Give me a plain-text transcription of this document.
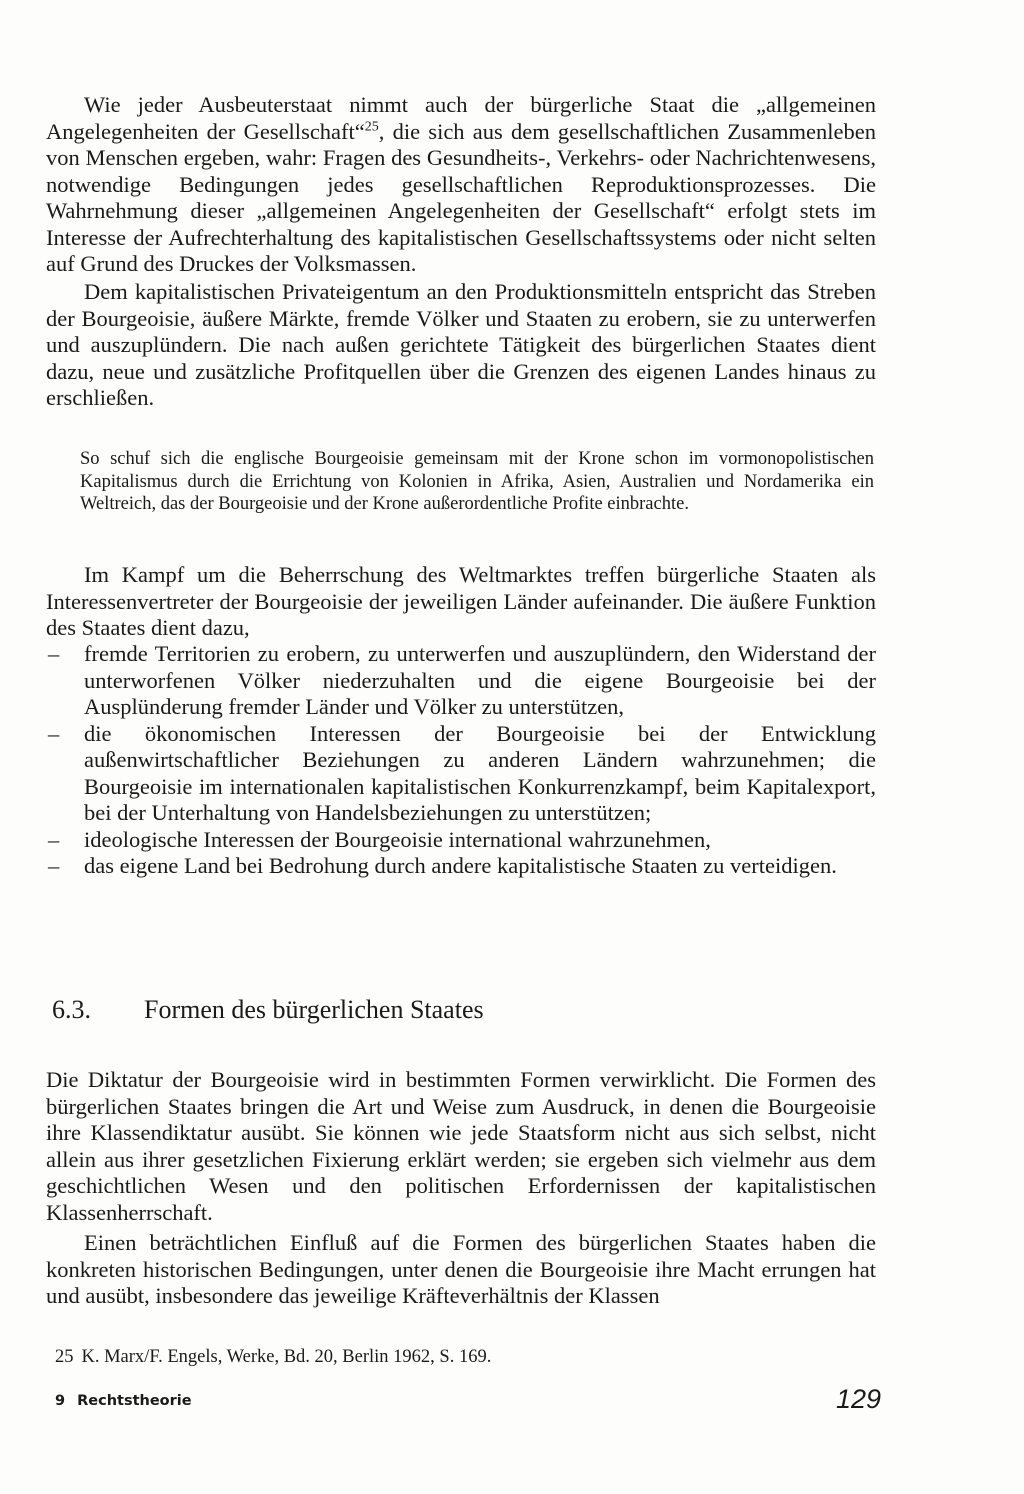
Wie jeder Ausbeuterstaat nimmt auch der bürgerliche Staat die „allgemeinen Angelegenheiten der Gesellschaft“$^{25}$, die sich aus dem gesellschaftlichen Zusammenleben von Menschen ergeben, wahr: Fragen des Gesundheits-, Verkehrs- oder Nachrichtenwesens, notwendige Bedingungen jedes gesellschaftlichen Reproduktionsprozesses. Die Wahrnehmung dieser „allgemeinen Angelegenheiten der Gesellschaft“ erfolgt stets im Interesse der Aufrechterhaltung des kapitalistischen Gesellschaftssystems oder nicht selten auf Grund des Druckes der Volksmassen.

Dem kapitalistischen Privateigentum an den Produktionsmitteln entspricht das Streben der Bourgeoisie, äußere Märkte, fremde Völker und Staaten zu erobern, sie zu unterwerfen und auszuplündern. Die nach außen gerichtete Tätigkeit des bürgerlichen Staates dient dazu, neue und zusätzliche Profitquellen über die Grenzen des eigenen Landes hinaus zu erschließen.

So schuf sich die englische Bourgeoisie gemeinsam mit der Krone schon im vormonopolistischen Kapitalismus durch die Errichtung von Kolonien in Afrika, Asien, Australien und Nordamerika ein Weltreich, das der Bourgeoisie und der Krone außerordentliche Profite einbrachte.

Im Kampf um die Beherrschung des Weltmarktes treffen bürgerliche Staaten als Interessenvertreter der Bourgeoisie der jeweiligen Länder aufeinander. Die äußere Funktion des Staates dient dazu,

– fremde Territorien zu erobern, zu unterwerfen und auszuplündern, den Widerstand der unterworfenen Völker niederzuhalten und die eigene Bourgeoisie bei der Ausplünderung fremder Länder und Völker zu unterstützen,
– die ökonomischen Interessen der Bourgeoisie bei der Entwicklung außenwirtschaftlicher Beziehungen zu anderen Ländern wahrzunehmen; die Bourgeoisie im internationalen kapitalistischen Konkurrenzkampf, beim Kapitalexport, bei der Unterhaltung von Handelsbeziehungen zu unterstützen;
– ideologische Interessen der Bourgeoisie international wahrzunehmen,
– das eigene Land bei Bedrohung durch andere kapitalistische Staaten zu verteidigen.
6.3. Formen des bürgerlichen Staates

Die Diktatur der Bourgeoisie wird in bestimmten Formen verwirklicht. Die Formen des bürgerlichen Staates bringen die Art und Weise zum Ausdruck, in denen die Bourgeoisie ihre Klassendiktatur ausübt. Sie können wie jede Staatsform nicht aus sich selbst, nicht allein aus ihrer gesetzlichen Fixierung erklärt werden; sie ergeben sich vielmehr aus dem geschichtlichen Wesen und den politischen Erfordernissen der kapitalistischen Klassenherrschaft.

Einen beträchtlichen Einfluß auf die Formen des bürgerlichen Staates haben die konkreten historischen Bedingungen, unter denen die Bourgeoisie ihre Macht errungen hat und ausübt, insbesondere das jeweilige Kräfteverhältnis der Klassen

25 K. Marx/F. Engels, Werke, Bd. 20, Berlin 1962, S. 169.

9 Rechtstheorie	129
